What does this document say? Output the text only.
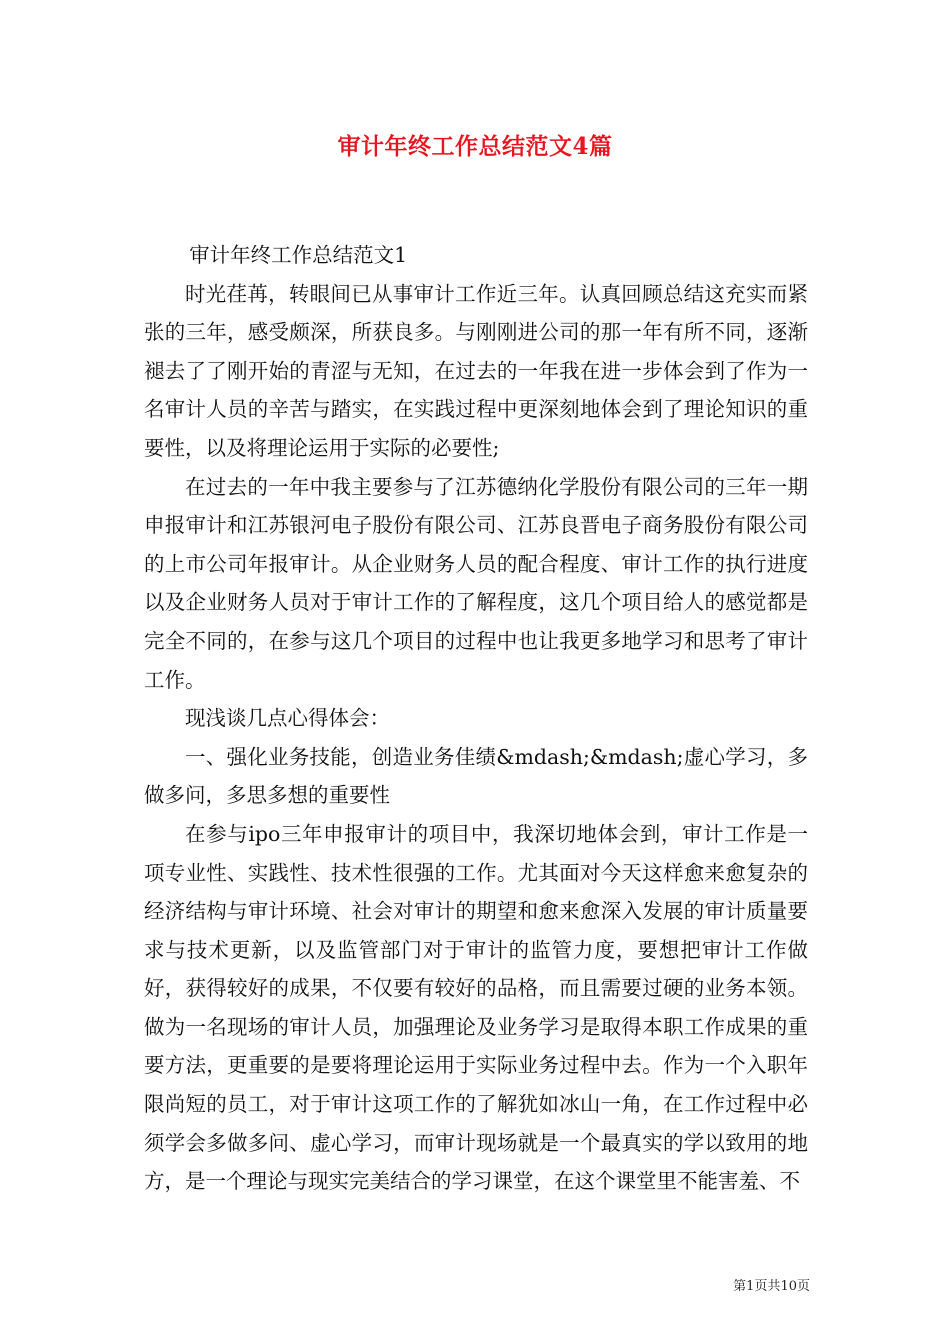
审计年终工作总结范文4篇

审计年终工作总结范文1

时光荏苒，转眼间已从事审计工作近三年。认真回顾总结这充实而紧张的三年，感受颇深，所获良多。与刚刚进公司的那一年有所不同，逐渐褪去了了刚开始的青涩与无知，在过去的一年我在进一步体会到了作为一名审计人员的辛苦与踏实，在实践过程中更深刻地体会到了理论知识的重要性，以及将理论运用于实际的必要性;

在过去的一年中我主要参与了江苏德纳化学股份有限公司的三年一期申报审计和江苏银河电子股份有限公司、江苏良晋电子商务股份有限公司的上市公司年报审计。从企业财务人员的配合程度、审计工作的执行进度以及企业财务人员对于审计工作的了解程度，这几个项目给人的感觉都是完全不同的，在参与这几个项目的过程中也让我更多地学习和思考了审计工作。

现浅谈几点心得体会：

一、强化业务技能，创造业务佳绩&mdash;&mdash;虚心学习，多做多问，多思多想的重要性

在参与ipo三年申报审计的项目中，我深切地体会到，审计工作是一项专业性、实践性、技术性很强的工作。尤其面对今天这样愈来愈复杂的经济结构与审计环境、社会对审计的期望和愈来愈深入发展的审计质量要求与技术更新，以及监管部门对于审计的监管力度，要想把审计工作做好，获得较好的成果，不仅要有较好的品格，而且需要过硬的业务本领。做为一名现场的审计人员，加强理论及业务学习是取得本职工作成果的重要方法，更重要的是要将理论运用于实际业务过程中去。作为一个入职年限尚短的员工，对于审计这项工作的了解犹如冰山一角，在工作过程中必须学会多做多问、虚心学习，而审计现场就是一个最真实的学以致用的地方，是一个理论与现实完美结合的学习课堂，在这个课堂里不能害羞、不

第1页共10页
